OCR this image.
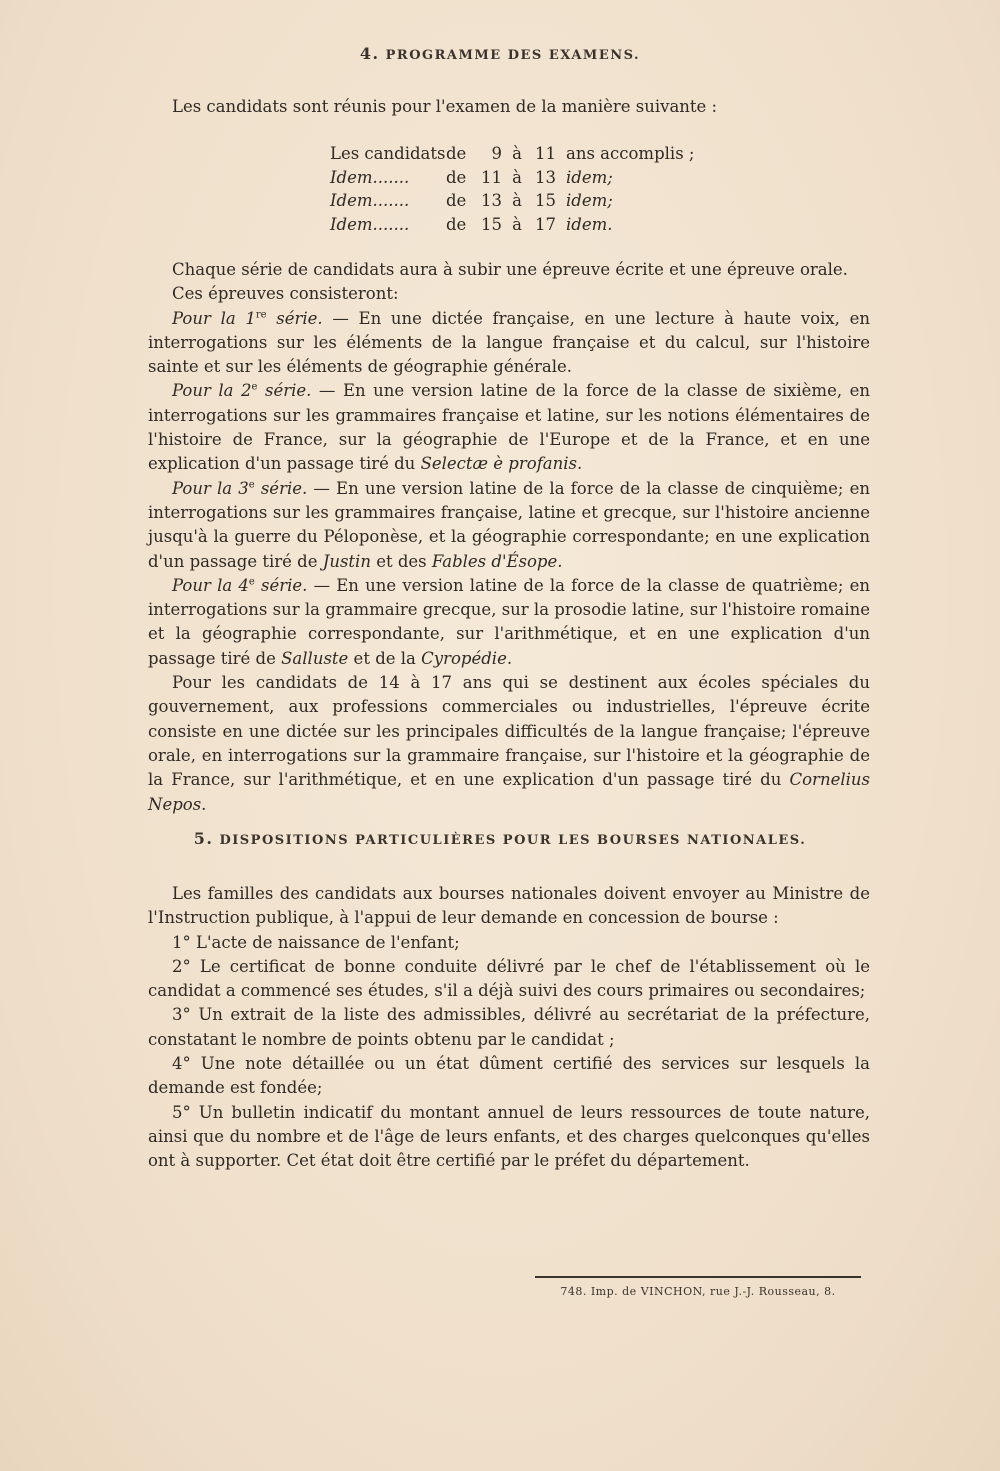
4. PROGRAMME DES EXAMENS.

Les candidats sont réunis pour l'examen de la manière suivante :

Les candidats de	9 à 11 ans accomplis ;
Idem.......	de 11 à 13 idem;
Idem.......	de 13 à 15 idem;
Idem.......	de 15 à 17 idem.

Chaque série de candidats aura à subir une épreuve écrite et une épreuve orale.

Ces épreuves consisteront:

Pour la 1re série. — En une dictée française, en une lecture à haute voix, en interrogations sur les éléments de la langue française et du calcul, sur l'histoire sainte et sur les éléments de géographie générale.

Pour la 2e série. — En une version latine de la force de la classe de sixième, en interrogations sur les grammaires française et latine, sur les notions élémentaires de l'histoire de France, sur la géographie de l'Europe et de la France, et en une explication d'un passage tiré du Selectæ è profanis.

Pour la 3e série. — En une version latine de la force de la classe de cinquième; en interrogations sur les grammaires française, latine et grecque, sur l'histoire ancienne jusqu'à la guerre du Péloponèse, et la géographie correspondante; en une explication d'un passage tiré de Justin et des Fables d'Ésope.

Pour la 4e série. — En une version latine de la force de la classe de quatrième; en interrogations sur la grammaire grecque, sur la prosodie latine, sur l'histoire romaine et la géographie correspondante, sur l'arithmétique, et en une explication d'un passage tiré de Salluste et de la Cyropédie.

Pour les candidats de 14 à 17 ans qui se destinent aux écoles spéciales du gouvernement, aux professions commerciales ou industrielles, l'épreuve écrite consiste en une dictée sur les principales difficultés de la langue française; l'épreuve orale, en interrogations sur la grammaire française, sur l'histoire et la géographie de la France, sur l'arithmétique, et en une explication d'un passage tiré du Cornelius Nepos.

5. DISPOSITIONS PARTICULIÈRES POUR LES BOURSES NATIONALES.

Les familles des candidats aux bourses nationales doivent envoyer au Ministre de l'Instruction publique, à l'appui de leur demande en concession de bourse :

1° L'acte de naissance de l'enfant;

2° Le certificat de bonne conduite délivré par le chef de l'établissement où le candidat a commencé ses études, s'il a déjà suivi des cours primaires ou secondaires;

3° Un extrait de la liste des admissibles, délivré au secrétariat de la préfecture, constatant le nombre de points obtenu par le candidat ;

4° Une note détaillée ou un état dûment certifié des services sur lesquels la demande est fondée;

5° Un bulletin indicatif du montant annuel de leurs ressources de toute nature, ainsi que du nombre et de l'âge de leurs enfants, et des charges quelconques qu'elles ont à supporter. Cet état doit être certifié par le préfet du département.

748. Imp. de VINCHON, rue J.-J. Rousseau, 8.
